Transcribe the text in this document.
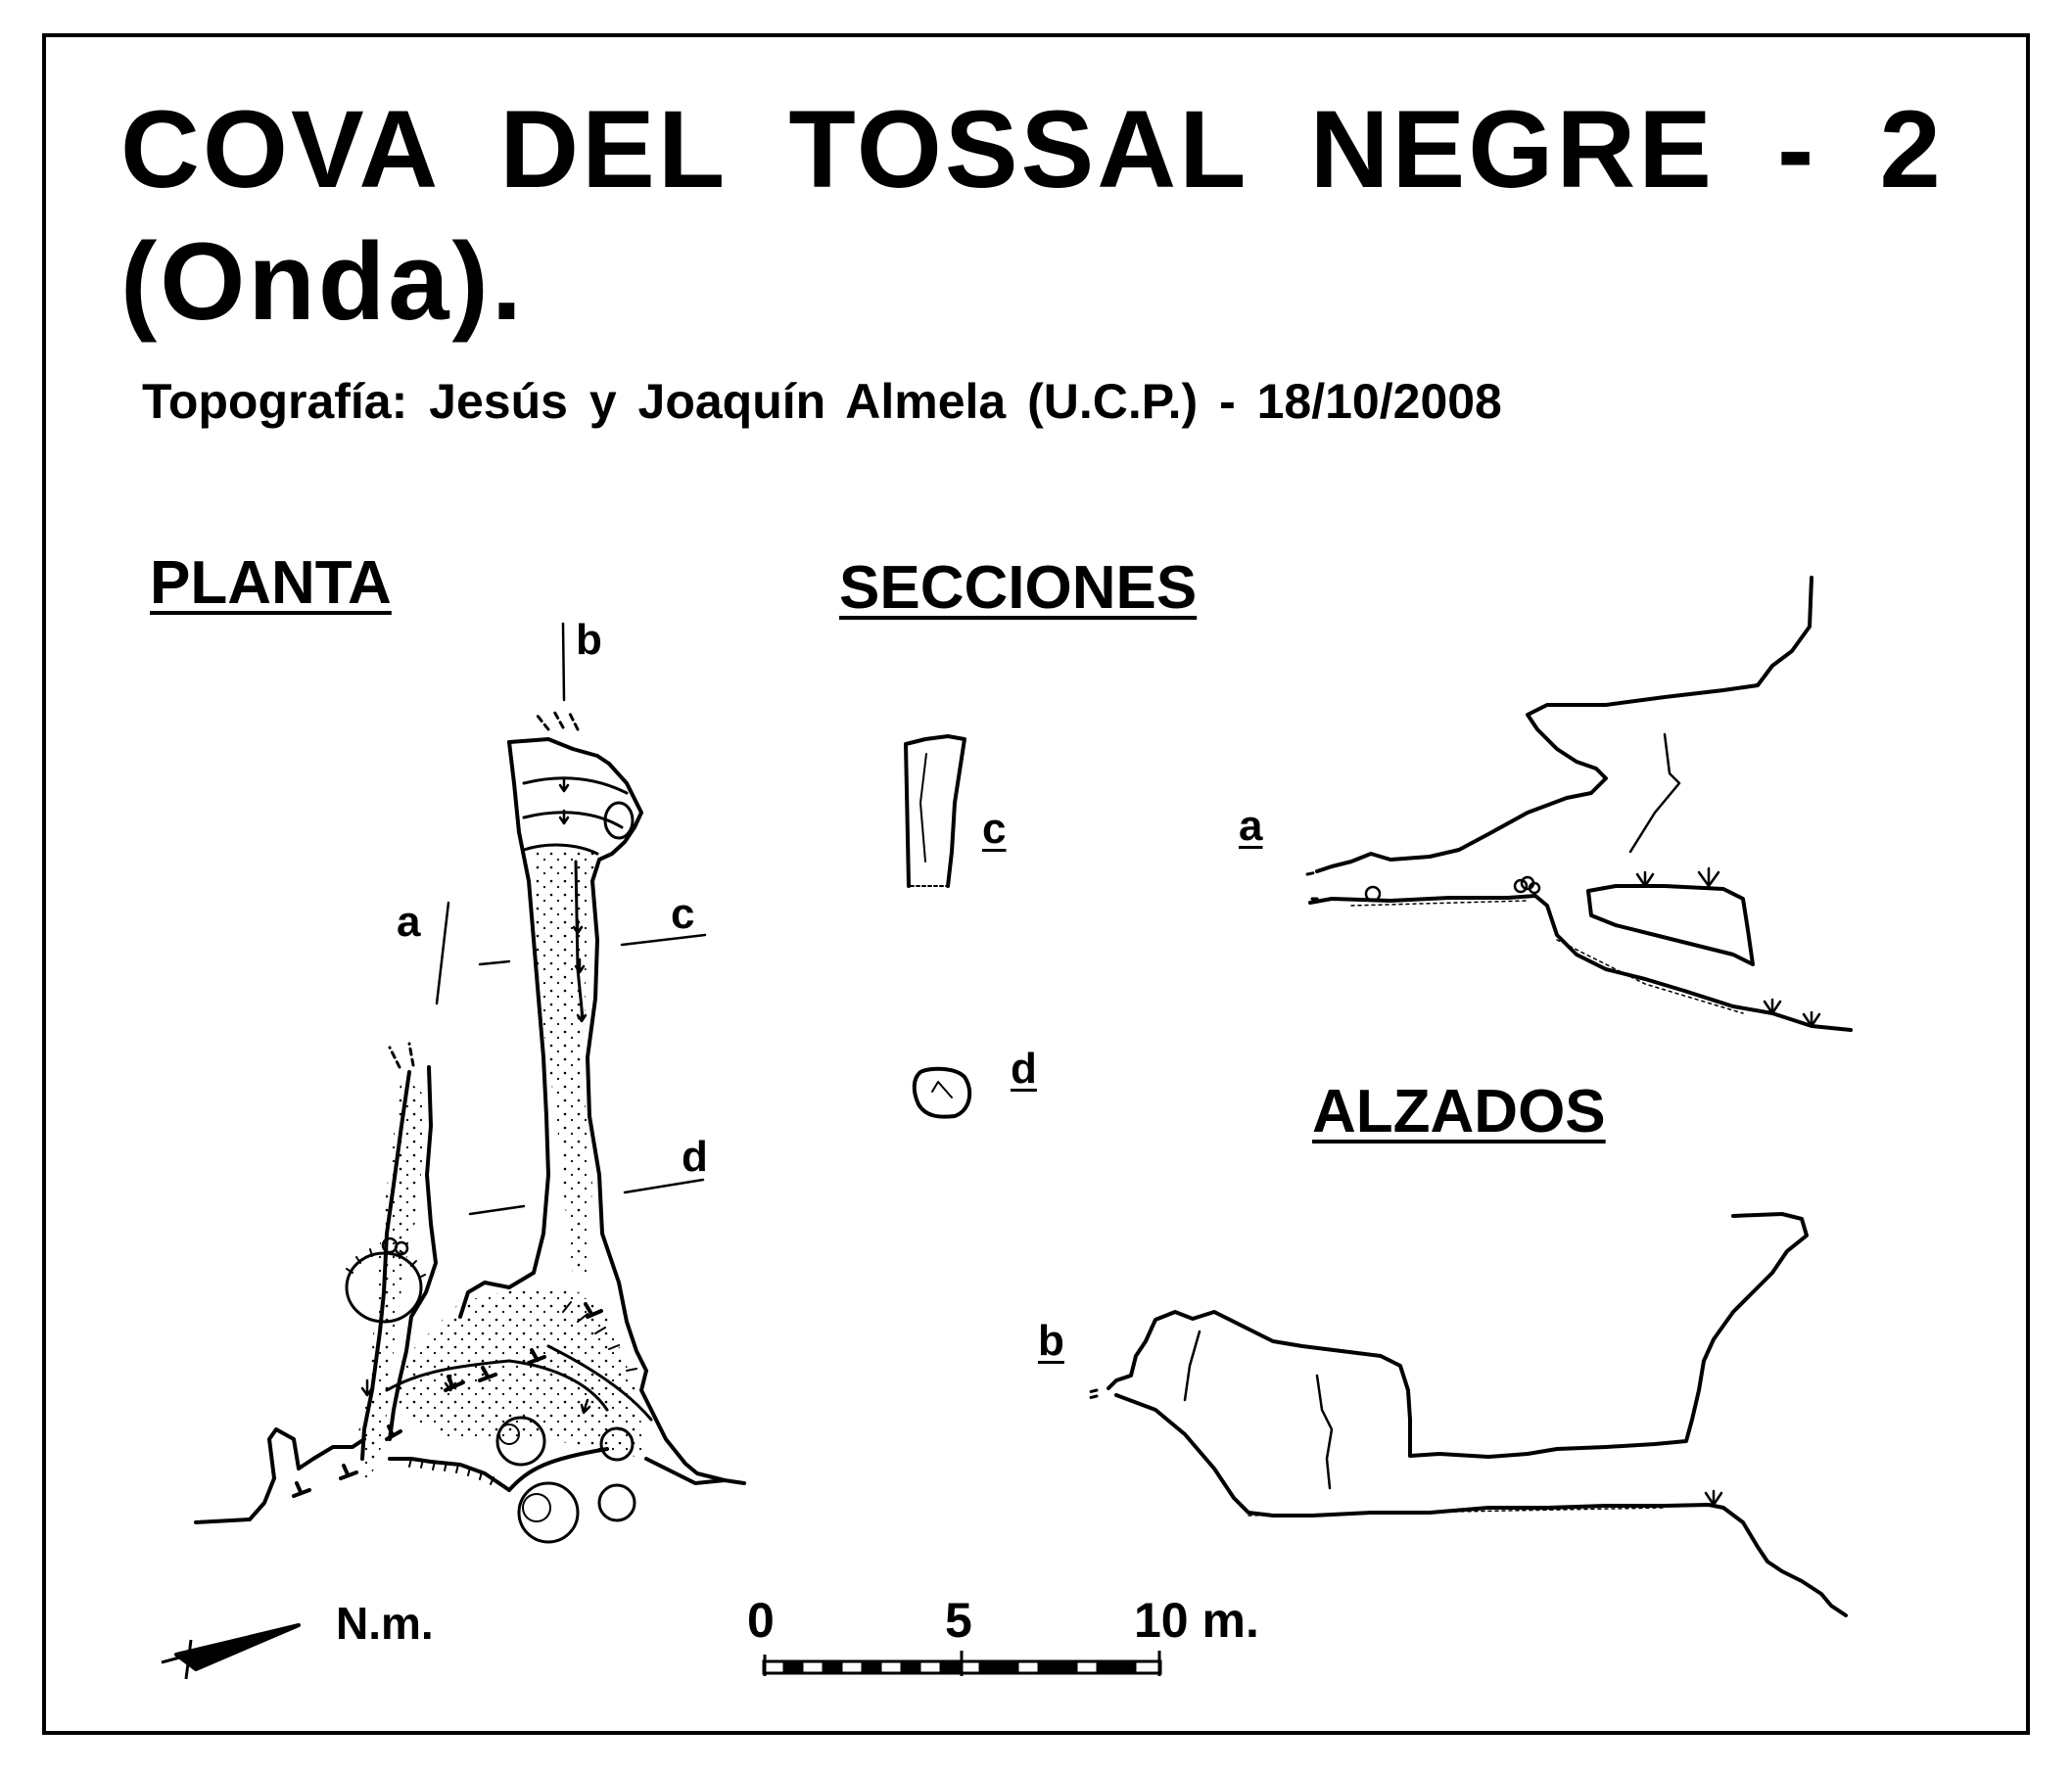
COVA DEL TOSSAL NEGRE - 2
(Onda).

Topografía: Jesús y Joaquín Almela (U.C.P.) - 18/10/2008

PLANTA	SECCIONES
ALZADOS
b
a	c
d
c	a
d
b
N.m.	0	5	10 m.
